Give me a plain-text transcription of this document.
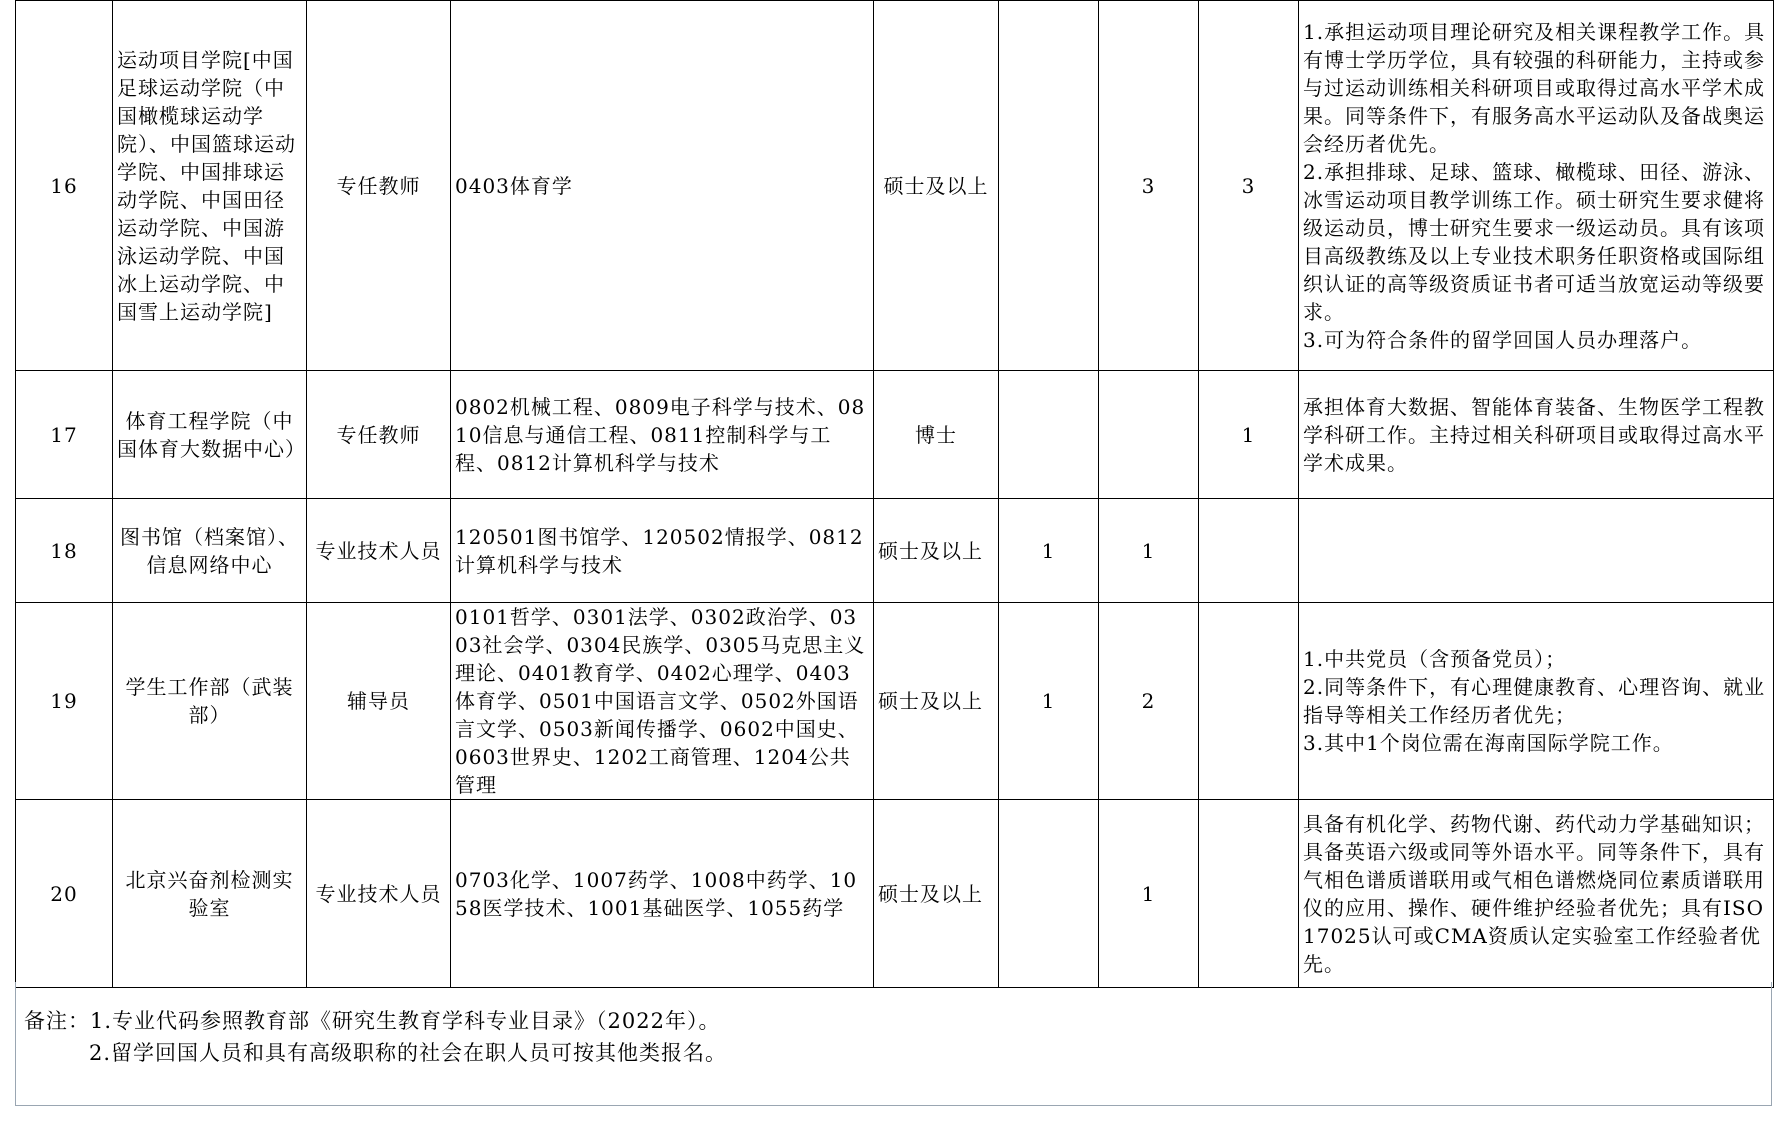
16	运动项目学院[中国足球运动学院（中国橄榄球运动学院）、中国篮球运动学院、中国排球运动学院、中国田径运动学院、中国游泳运动学院、中国冰上运动学院、中国雪上运动学院]	专任教师	0403体育学	硕士及以上		3	3	1.承担运动项目理论研究及相关课程教学工作。具有博士学历学位，具有较强的科研能力，主持或参与过运动训练相关科研项目或取得过高水平学术成果。同等条件下，有服务高水平运动队及备战奥运会经历者优先。
2.承担排球、足球、篮球、橄榄球、田径、游泳、冰雪运动项目教学训练工作。硕士研究生要求健将级运动员，博士研究生要求一级运动员。具有该项目高级教练及以上专业技术职务任职资格或国际组织认证的高等级资质证书者可适当放宽运动等级要求。
3.可为符合条件的留学回国人员办理落户。
17	体育工程学院（中国体育大数据中心）	专任教师	0802机械工程、0809电子科学与技术、0810信息与通信工程、0811控制科学与工程、0812计算机科学与技术	博士			1	承担体育大数据、智能体育装备、生物医学工程教学科研工作。主持过相关科研项目或取得过高水平学术成果。
18	图书馆（档案馆）、信息网络中心	专业技术人员	120501图书馆学、120502情报学、0812计算机科学与技术	硕士及以上	1	1		
19	学生工作部（武装部）	辅导员	0101哲学、0301法学、0302政治学、0303社会学、0304民族学、0305马克思主义理论、0401教育学、0402心理学、0403体育学、0501中国语言文学、0502外国语言文学、0503新闻传播学、0602中国史、0603世界史、1202工商管理、1204公共管理	硕士及以上	1	2		1.中共党员（含预备党员）；
2.同等条件下，有心理健康教育、心理咨询、就业指导等相关工作经历者优先；
3.其中1个岗位需在海南国际学院工作。
20	北京兴奋剂检测实验室	专业技术人员	0703化学、1007药学、1008中药学、1058医学技术、1001基础医学、1055药学	硕士及以上		1		具备有机化学、药物代谢、药代动力学基础知识；具备英语六级或同等外语水平。同等条件下，具有气相色谱质谱联用或气相色谱燃烧同位素质谱联用仪的应用、操作、硬件维护经验者优先；具有ISO17025认可或CMA资质认定实验室工作经验者优先。
备注：1.专业代码参照教育部《研究生教育学科专业目录》（2022年）。
2.留学回国人员和具有高级职称的社会在职人员可按其他类报名。
